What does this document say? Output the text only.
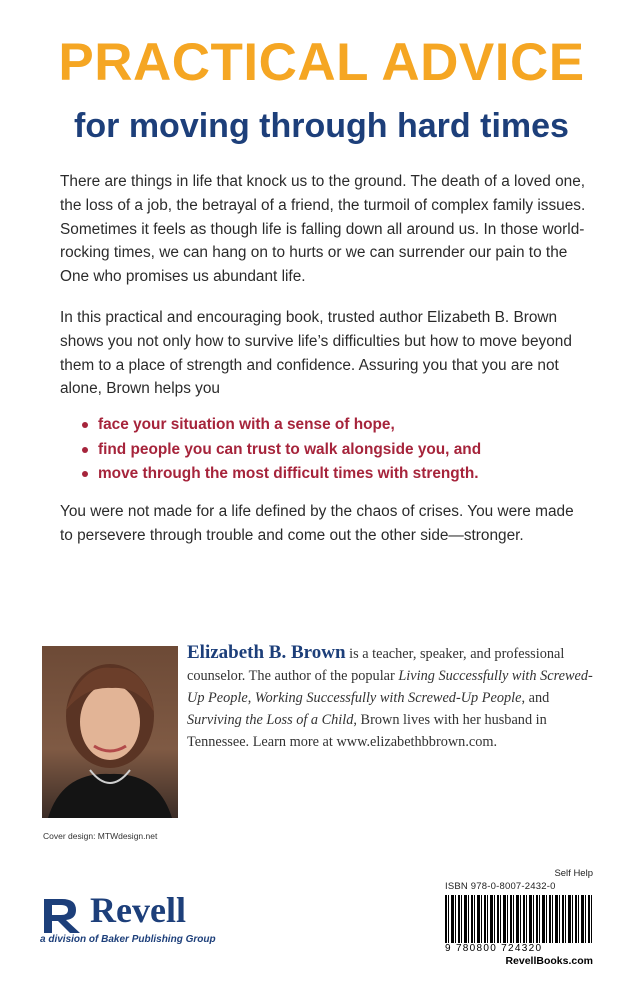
PRACTICAL ADVICE
for moving through hard times
There are things in life that knock us to the ground. The death of a loved one, the loss of a job, the betrayal of a friend, the turmoil of complex family issues. Sometimes it feels as though life is falling down all around us. In those world-rocking times, we can hang on to hurts or we can surrender our pain to the One who promises us abundant life.
In this practical and encouraging book, trusted author Elizabeth B. Brown shows you not only how to survive life’s difficulties but how to move beyond them to a place of strength and confidence. Assuring you that you are not alone, Brown helps you
face your situation with a sense of hope,
find people you can trust to walk alongside you, and
move through the most difficult times with strength.
You were not made for a life defined by the chaos of crises. You were made to persevere through trouble and come out the other side—stronger.
Elizabeth B. Brown is a teacher, speaker, and professional counselor. The author of the popular Living Successfully with Screwed-Up People, Working Successfully with Screwed-Up People, and Surviving the Loss of a Child, Brown lives with her husband in Tennessee. Learn more at www.elizabethbbrown.com.
Cover design: MTWdesign.net
Revell
a division of Baker Publishing Group
Self Help
ISBN 978-0-8007-2432-0
9 780800 724320
RevellBooks.com
